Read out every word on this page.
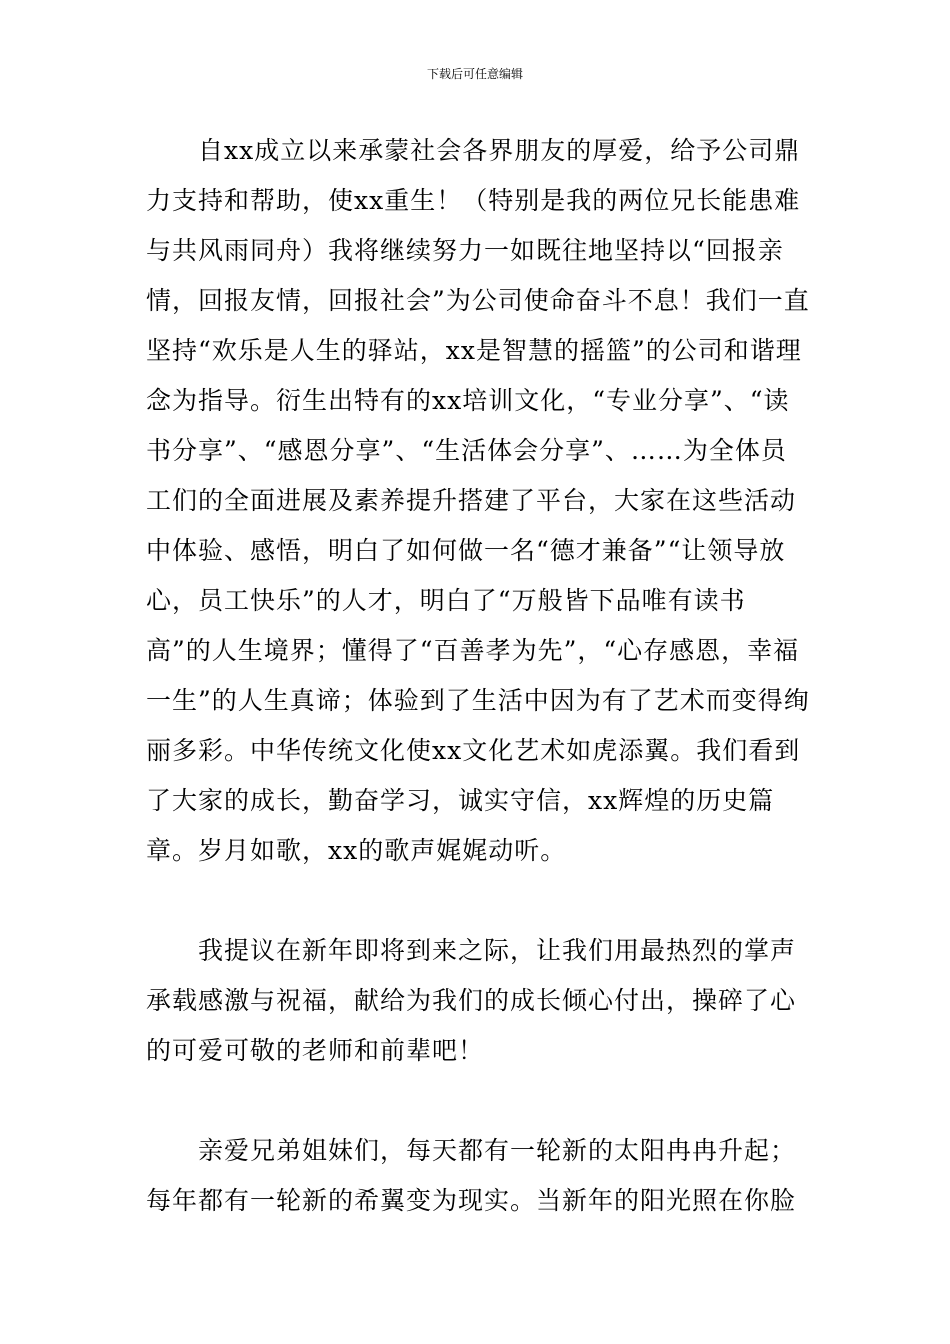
下载后可任意编辑

自xx成立以来承蒙社会各界朋友的厚爱，给予公司鼎力支持和帮助，使xx重生！（特别是我的两位兄长能患难与共风雨同舟）我将继续努力一如既往地坚持以“回报亲情，回报友情，回报社会”为公司使命奋斗不息！我们一直坚持“欢乐是人生的驿站，xx是智慧的摇篮”的公司和谐理念为指导。衍生出特有的xx培训文化，“专业分享”、“读书分享”、“感恩分享”、“生活体会分享”、……为全体员工们的全面进展及素养提升搭建了平台，大家在这些活动中体验、感悟，明白了如何做一名“德才兼备”“让领导放心，员工快乐”的人才，明白了“万般皆下品唯有读书高”的人生境界；懂得了“百善孝为先”，“心存感恩，幸福一生”的人生真谛；体验到了生活中因为有了艺术而变得绚丽多彩。中华传统文化使xx文化艺术如虎添翼。我们看到了大家的成长，勤奋学习，诚实守信，xx辉煌的历史篇章。岁月如歌，xx的歌声娓娓动听。

我提议在新年即将到来之际，让我们用最热烈的掌声承载感激与祝福，献给为我们的成长倾心付出，操碎了心的可爱可敬的老师和前辈吧！

亲爱兄弟姐妹们，每天都有一轮新的太阳冉冉升起；每年都有一轮新的希翼变为现实。当新年的阳光照在你脸
